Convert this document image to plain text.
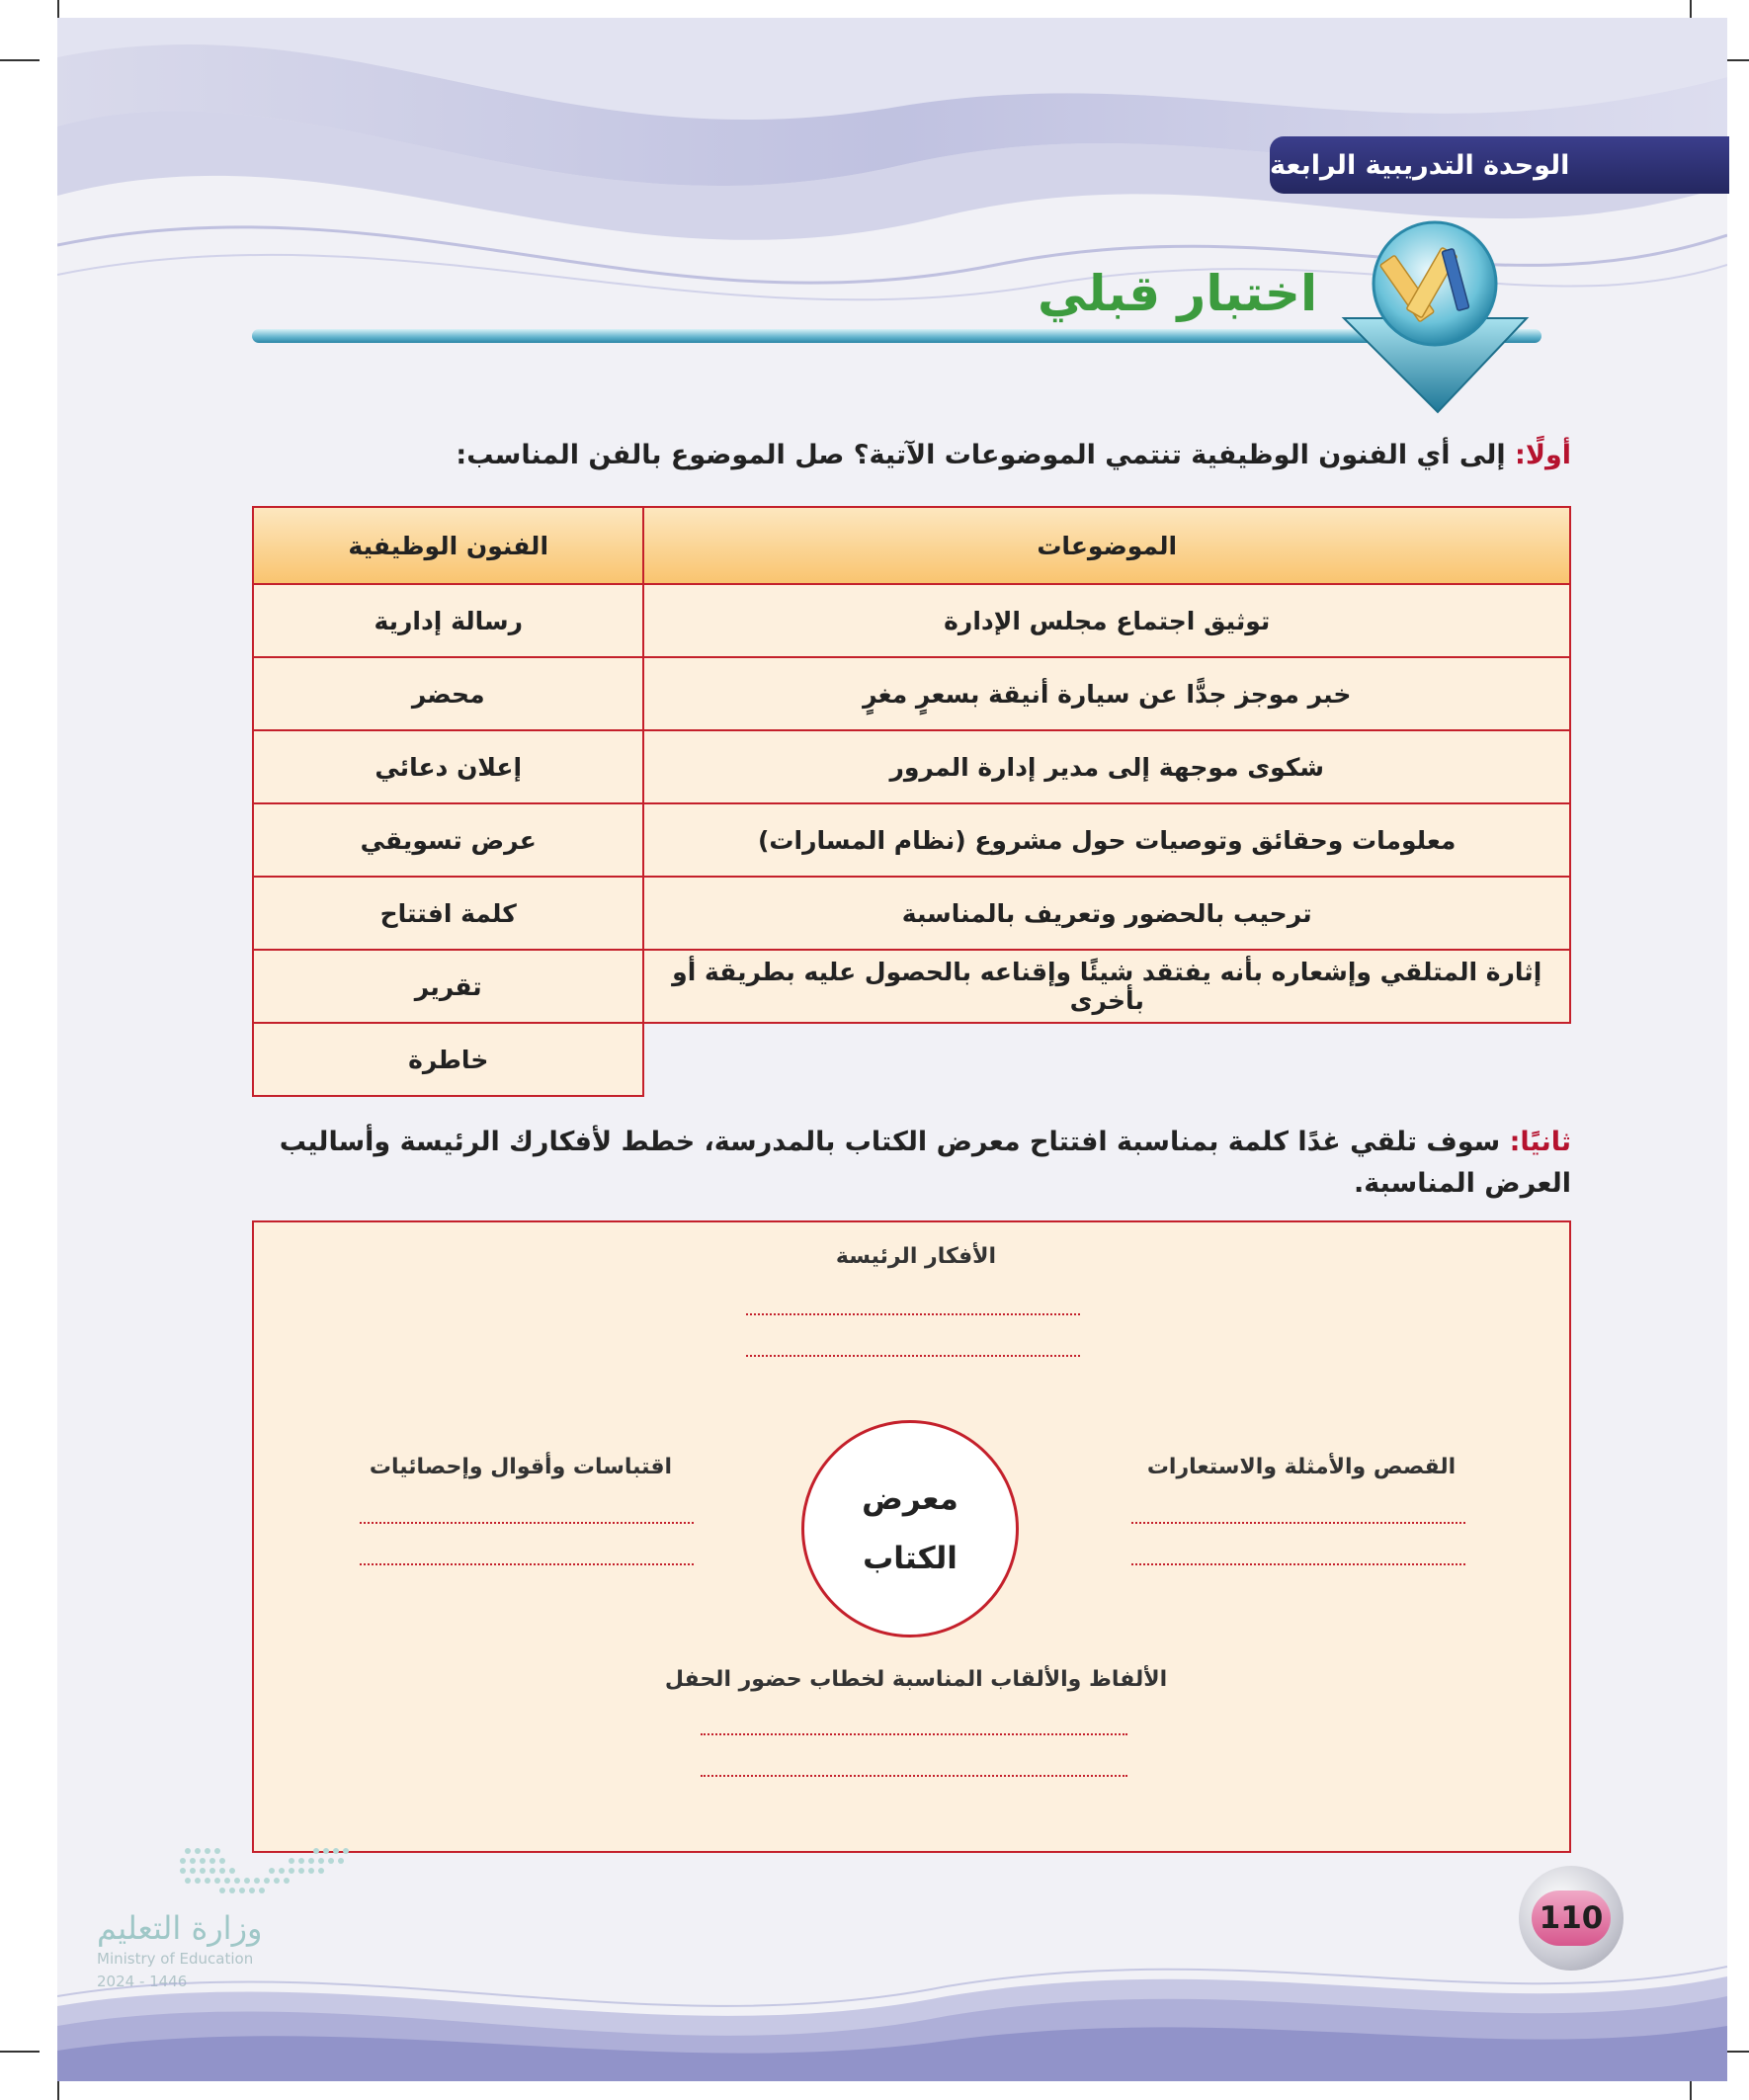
الوحدة التدريبية الرابعة
اختبار قبلي
أولًا: إلى أي الفنون الوظيفية تنتمي الموضوعات الآتية؟ صل الموضوع بالفن المناسب:
الموضوعات	الفنون الوظيفية
توثيق اجتماع مجلس الإدارة	رسالة إدارية
خبر موجز جدًّا عن سيارة أنيقة بسعرٍ مغرٍ	محضر
شكوى موجهة إلى مدير إدارة المرور	إعلان دعائي
معلومات وحقائق وتوصيات حول مشروع (نظام المسارات)	عرض تسويقي
ترحيب بالحضور وتعريف بالمناسبة	كلمة افتتاح
إثارة المتلقي وإشعاره بأنه يفتقد شيئًا وإقناعه بالحصول عليه بطريقة أو بأخرى	تقرير
	خاطرة
ثانيًا: سوف تلقي غدًا كلمة بمناسبة افتتاح معرض الكتاب بالمدرسة، خطط لأفكارك الرئيسة وأساليب العرض المناسبة.
الأفكار الرئيسة
القصص والأمثلة والاستعارات
اقتباسات وأقوال وإحصائيات
معرض
الكتاب
الألفاظ والألقاب المناسبة لخطاب حضور الحفل
وزارة التعليم
Ministry of Education
2024 - 1446
110
